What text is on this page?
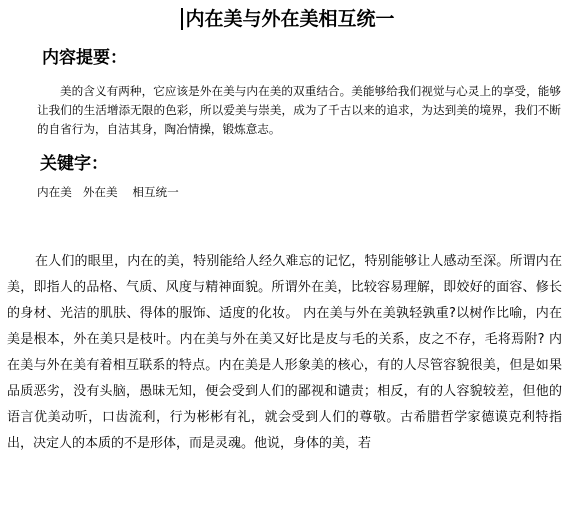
内在美与外在美相互统一
内容提要：
美的含义有两种，它应该是外在美与内在美的双重结合。美能够给我们视觉与心灵上的享受，能够让我们的生活增添无限的色彩，所以爱美与崇美，成为了千古以来的追求，为达到美的境界，我们不断的自省行为，自洁其身，陶冶情操，锻炼意志。
关键字：
内在美   外在美    相互统一
在人们的眼里，内在的美，特别能给人经久难忘的记忆，特别能够让人感动至深。所谓内在美，即指人的品格、气质、风度与精神面貌。所谓外在美，比较容易理解，即姣好的面容、修长的身材、光洁的肌肤、得体的服饰、适度的化妆。 内在美与外在美孰轻孰重?以树作比喻，内在美是根本，外在美只是枝叶。内在美与外在美又好比是皮与毛的关系，皮之不存，毛将焉附? 内在美与外在美有着相互联系的特点。内在美是人形象美的核心，有的人尽管容貌很美，但是如果品质恶劣，没有头脑，愚昧无知，便会受到人们的鄙视和谴责；相反，有的人容貌较差，但他的语言优美动听，口齿流利，行为彬彬有礼，就会受到人们的尊敬。古希腊哲学家德谟克利特指出，决定人的本质的不是形体，而是灵魂。他说，身体的美，若
